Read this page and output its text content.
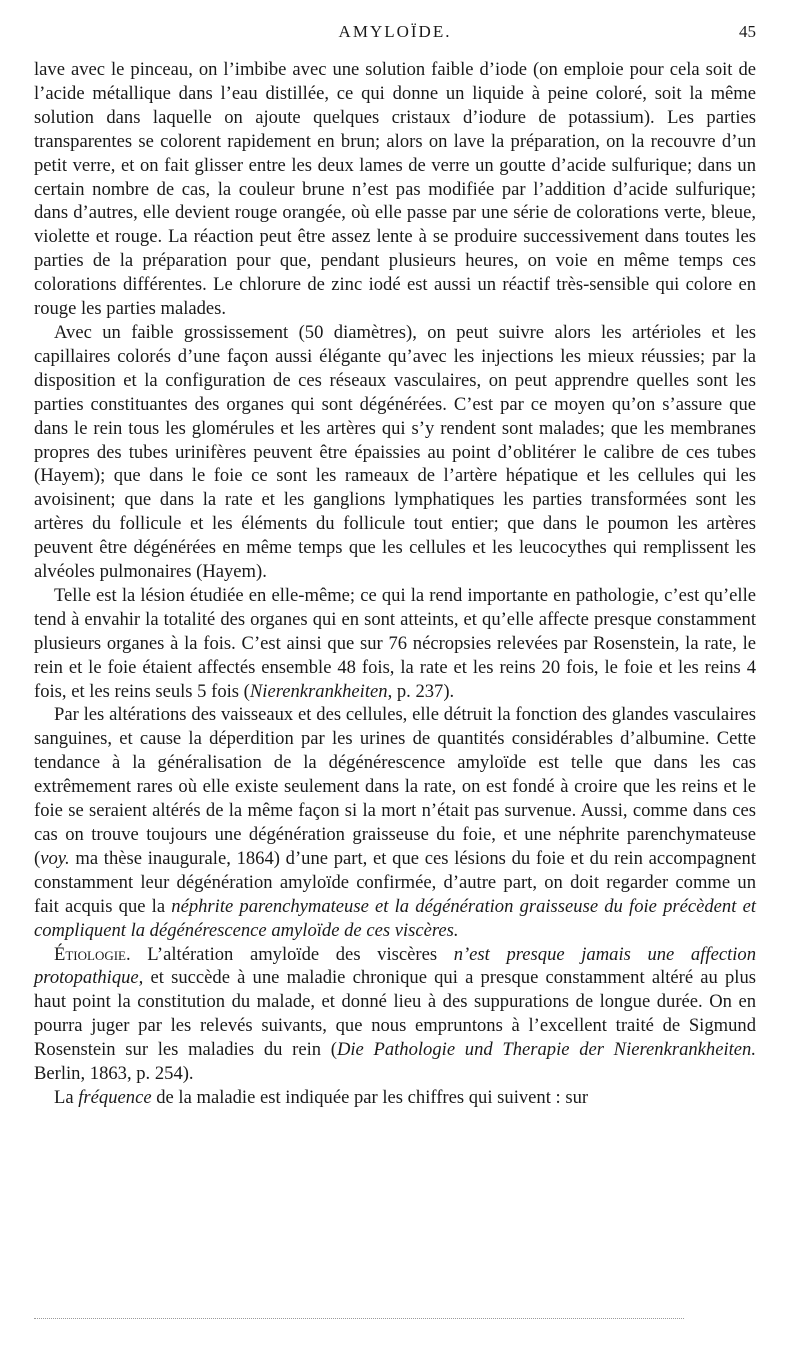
AMYLOÏDE.	45

lave avec le pinceau, on l’imbibe avec une solution faible d’iode (on emploie pour cela soit de l’acide métallique dans l’eau distillée, ce qui donne un liquide à peine coloré, soit la même solution dans laquelle on ajoute quelques cristaux d’iodure de potassium). Les parties transparentes se colorent rapidement en brun; alors on lave la préparation, on la recouvre d’un petit verre, et on fait glisser entre les deux lames de verre un goutte d’acide sulfurique; dans un certain nombre de cas, la couleur brune n’est pas modifiée par l’addition d’acide sulfurique; dans d’autres, elle devient rouge orangée, où elle passe par une série de colorations verte, bleue, violette et rouge. La réaction peut être assez lente à se produire successivement dans toutes les parties de la préparation pour que, pendant plusieurs heures, on voie en même temps ces colorations différentes. Le chlorure de zinc iodé est aussi un réactif très-sensible qui colore en rouge les parties malades.

Avec un faible grossissement (50 diamètres), on peut suivre alors les artérioles et les capillaires colorés d’une façon aussi élégante qu’avec les injections les mieux réussies; par la disposition et la configuration de ces réseaux vasculaires, on peut apprendre quelles sont les parties constituantes des organes qui sont dégénérées. C’est par ce moyen qu’on s’assure que dans le rein tous les glomérules et les artères qui s’y rendent sont malades; que les membranes propres des tubes urinifères peuvent être épaissies au point d’oblitérer le calibre de ces tubes (Hayem); que dans le foie ce sont les rameaux de l’artère hépatique et les cellules qui les avoisinent; que dans la rate et les ganglions lymphatiques les parties transformées sont les artères du follicule et les éléments du follicule tout entier; que dans le poumon les artères peuvent être dégénérées en même temps que les cellules et les leucocythes qui remplissent les alvéoles pulmonaires (Hayem).

Telle est la lésion étudiée en elle-même; ce qui la rend importante en pathologie, c’est qu’elle tend à envahir la totalité des organes qui en sont atteints, et qu’elle affecte presque constamment plusieurs organes à la fois. C’est ainsi que sur 76 nécropsies relevées par Rosenstein, la rate, le rein et le foie étaient affectés ensemble 48 fois, la rate et les reins 20 fois, le foie et les reins 4 fois, et les reins seuls 5 fois (Nierenkrankheiten, p. 237).

Par les altérations des vaisseaux et des cellules, elle détruit la fonction des glandes vasculaires sanguines, et cause la déperdition par les urines de quantités considérables d’albumine. Cette tendance à la généralisation de la dégénérescence amyloïde est telle que dans les cas extrêmement rares où elle existe seulement dans la rate, on est fondé à croire que les reins et le foie se seraient altérés de la même façon si la mort n’était pas survenue. Aussi, comme dans ces cas on trouve toujours une dégénération graisseuse du foie, et une néphrite parenchymateuse (voy. ma thèse inaugurale, 1864) d’une part, et que ces lésions du foie et du rein accompagnent constamment leur dégénération amyloïde confirmée, d’autre part, on doit regarder comme un fait acquis que la néphrite parenchymateuse et la dégénération graisseuse du foie précèdent et compliquent la dégénérescence amyloïde de ces viscères.

Étiologie. L’altération amyloïde des viscères n’est presque jamais une affection protopathique, et succède à une maladie chronique qui a presque constamment altéré au plus haut point la constitution du malade, et donné lieu à des suppurations de longue durée. On en pourra juger par les relevés suivants, que nous empruntons à l’excellent traité de Sigmund Rosenstein sur les maladies du rein (Die Pathologie und Therapie der Nierenkrankheiten. Berlin, 1863, p. 254).

La fréquence de la maladie est indiquée par les chiffres qui suivent : sur
